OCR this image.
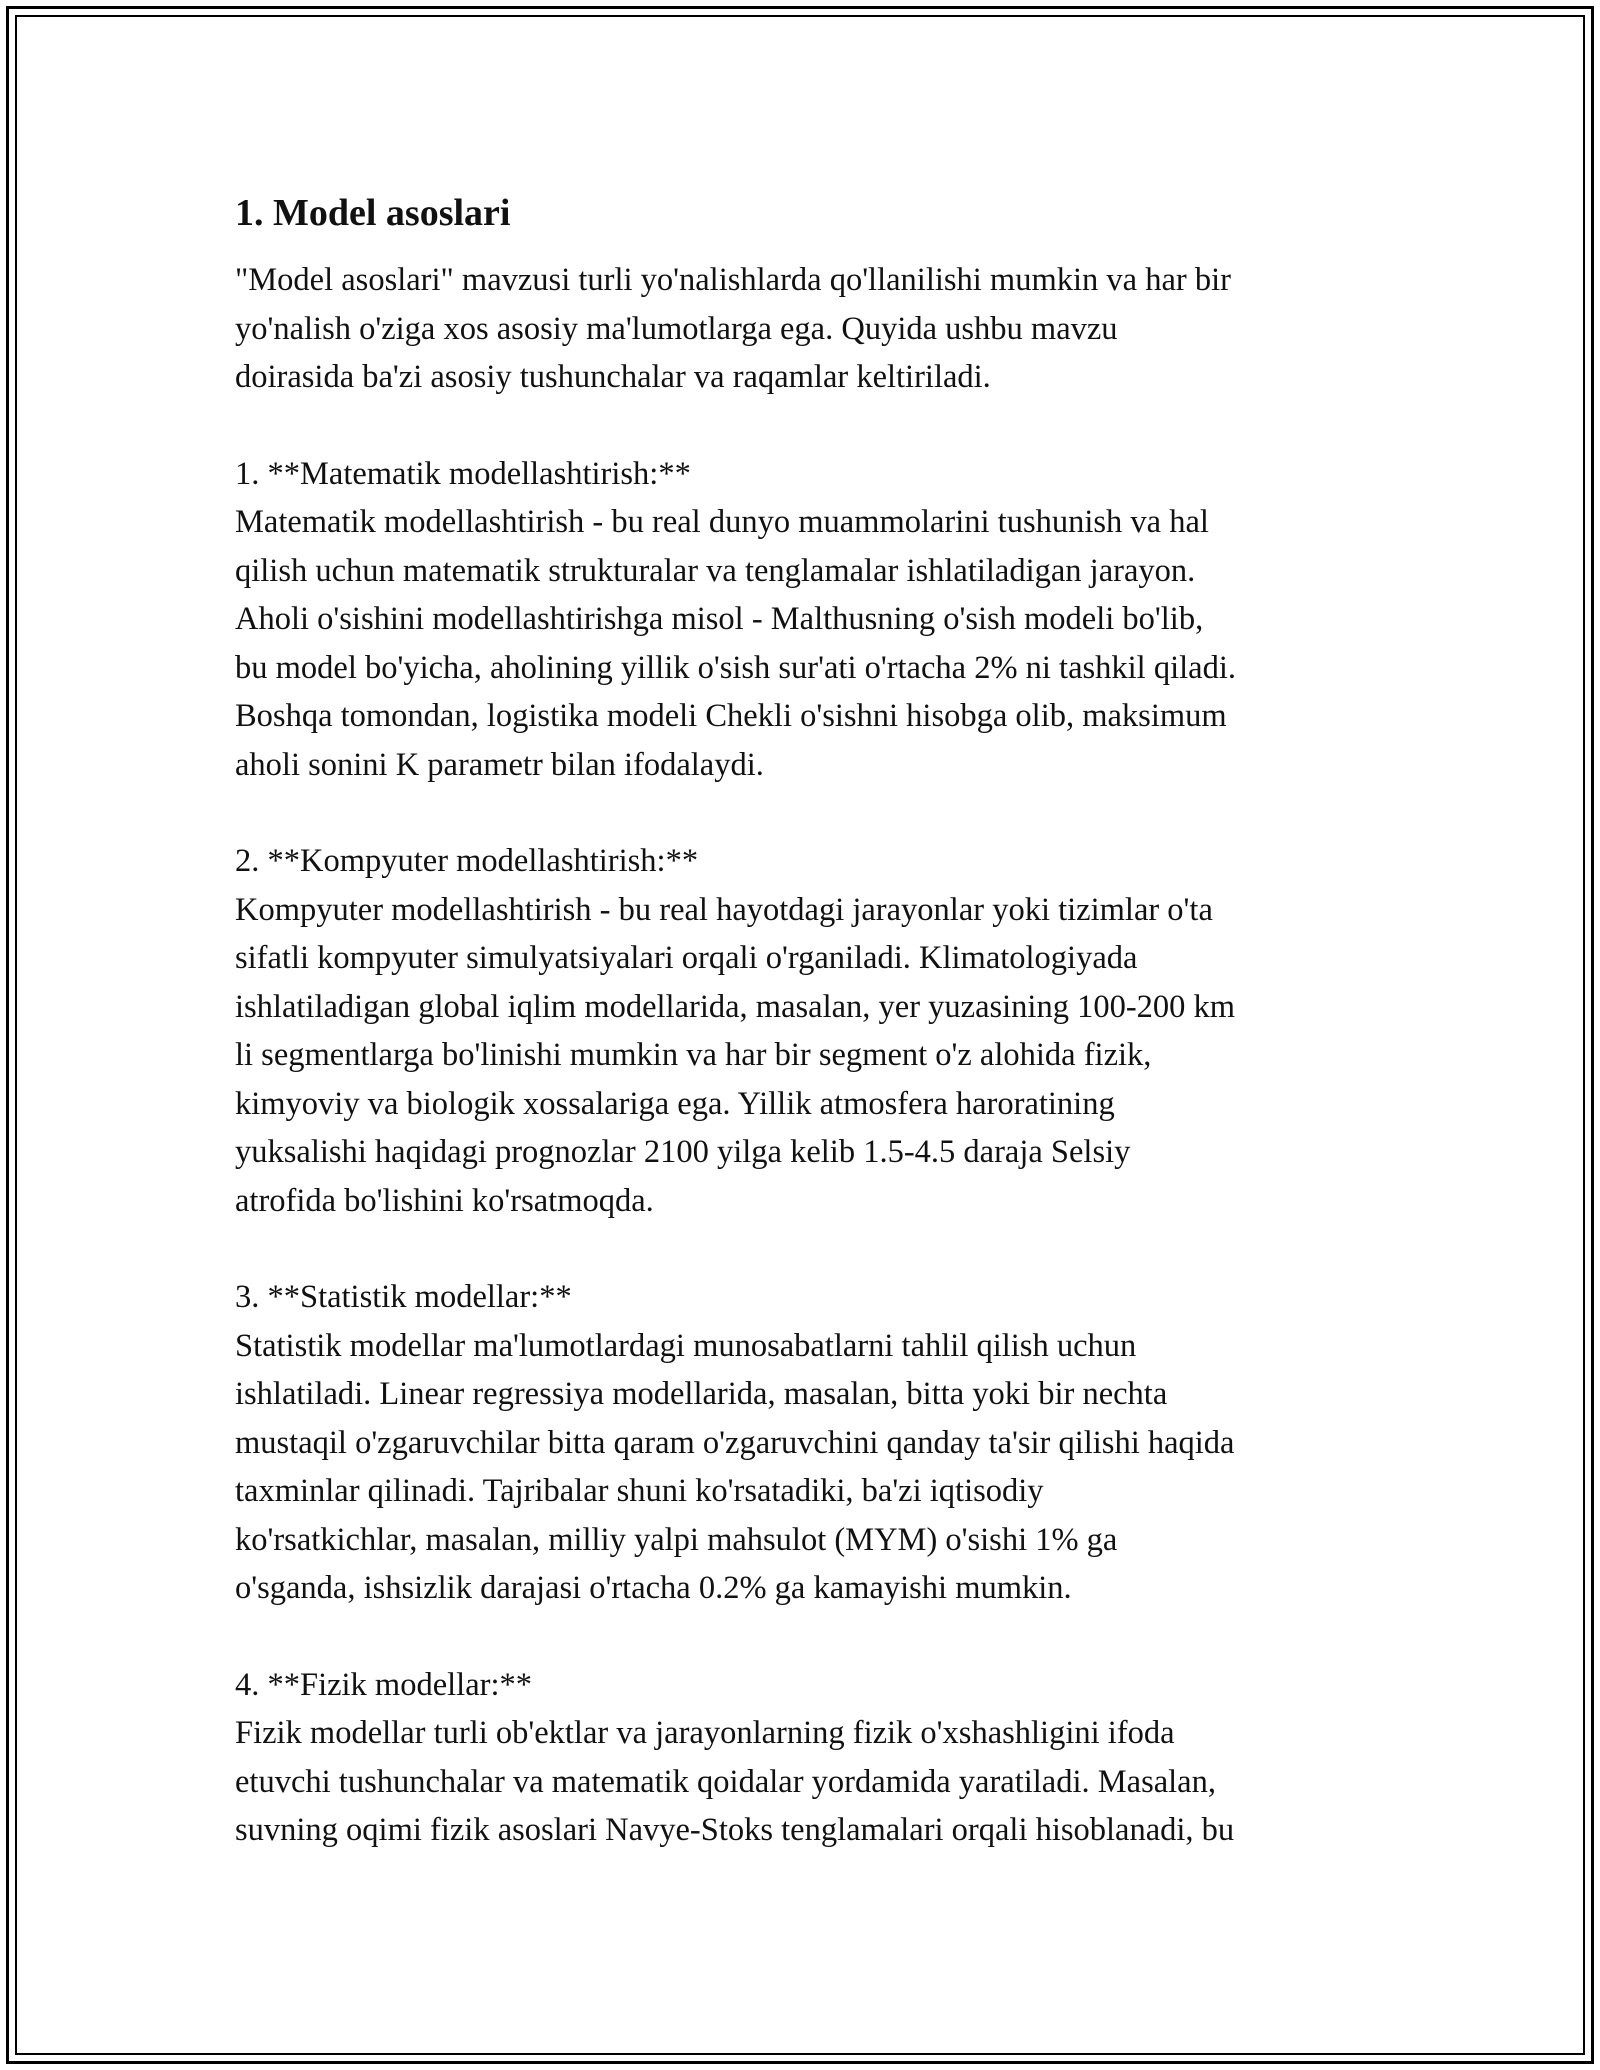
1. Model asoslari

"Model asoslari" mavzusi turli yo'nalishlarda qo'llanilishi mumkin va har bir
yo'nalish o'ziga xos asosiy ma'lumotlarga ega. Quyida ushbu mavzu
doirasida ba'zi asosiy tushunchalar va raqamlar keltiriladi.

1. **Matematik modellashtirish:**

Matematik modellashtirish - bu real dunyo muammolarini tushunish va hal
qilish uchun matematik strukturalar va tenglamalar ishlatiladigan jarayon.
Aholi o'sishini modellashtirishga misol - Malthusning o'sish modeli bo'lib,
bu model bo'yicha, aholining yillik o'sish sur'ati o'rtacha 2% ni tashkil qiladi.
Boshqa tomondan, logistika modeli Chekli o'sishni hisobga olib, maksimum
aholi sonini K parametr bilan ifodalaydi.

2. **Kompyuter modellashtirish:**

Kompyuter modellashtirish - bu real hayotdagi jarayonlar yoki tizimlar o'ta
sifatli kompyuter simulyatsiyalari orqali o'rganiladi. Klimatologiyada
ishlatiladigan global iqlim modellarida, masalan, yer yuzasining 100-200 km
li segmentlarga bo'linishi mumkin va har bir segment o'z alohida fizik,
kimyoviy va biologik xossalariga ega. Yillik atmosfera haroratining
yuksalishi haqidagi prognozlar 2100 yilga kelib 1.5-4.5 daraja Selsiy
atrofida bo'lishini ko'rsatmoqda.

3. **Statistik modellar:**

Statistik modellar ma'lumotlardagi munosabatlarni tahlil qilish uchun
ishlatiladi. Linear regressiya modellarida, masalan, bitta yoki bir nechta
mustaqil o'zgaruvchilar bitta qaram o'zgaruvchini qanday ta'sir qilishi haqida
taxminlar qilinadi. Tajribalar shuni ko'rsatadiki, ba'zi iqtisodiy
ko'rsatkichlar, masalan, milliy yalpi mahsulot (MYM) o'sishi 1% ga
o'sganda, ishsizlik darajasi o'rtacha 0.2% ga kamayishi mumkin.

4. **Fizik modellar:**

Fizik modellar turli ob'ektlar va jarayonlarning fizik o'xshashligini ifoda
etuvchi tushunchalar va matematik qoidalar yordamida yaratiladi. Masalan,
suvning oqimi fizik asoslari Navye-Stoks tenglamalari orqali hisoblanadi, bu
